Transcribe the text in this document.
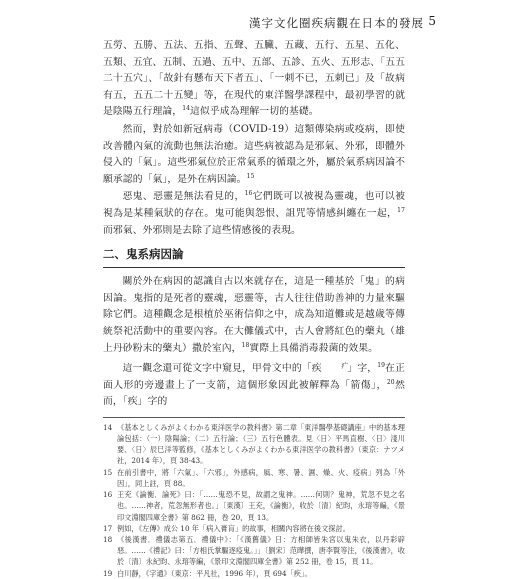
漢字文化圈疾病觀在日本的發展 5

五勞、五勝、五法、五指、五聲、五臟、五藏、五行、五星、五化、五類、五宜、五制、五過、五中、五部、五診、五火、五形志、「五五二十五穴」、「故針有懸布天下者五」、「一刺不已，五刺已」及「故病有五，五五二十五變」等，在現代的東洋醫學課程中，最初學習的就是陰陽五行理論，$^{14}$這似乎成為理解一切的基礎。

然而，對於如新冠病毒（COVID-19）這類傳染病或疫病，即使改善體內氣的流動也無法治癒。這些病被認為是邪氣、外邪，即體外侵入的「氣」。這些邪氣位於正常氣系的循環之外，屬於氣系病因論不願承認的「氣」，是外在病因論。$^{15}$

惡鬼、惡靈是無法看見的，$^{16}$它們既可以被視為靈魂，也可以被視為是某種氣狀的存在。鬼可能與怨恨、詛咒等情感糾纏在一起，$^{17}$而邪氣、外邪則是去除了這些情感後的表現。

二、鬼系病因論

關於外在病因的認識自古以來就存在，這是一種基於「鬼」的病因論。鬼指的是死者的靈魂，惡靈等，古人往往借助善神的力量來驅除它們。這種觀念是根植於巫術信仰之中，成為知道儺或是越歲等傳統祭祀活動中的重要內容。在大儺儀式中，古人會將紅色的藥丸（雄上丹砂粉末的藥丸）撒於室內，$^{18}$實際上具備消毒殺菌的效果。

這一觀念還可從文字中窺見，甲骨文中的「疾	疒」字，$^{19}$在正面人形的旁邊畫上了一支箭，這個形象因此被解釋為「箭傷」，$^{20}$然而，「疾」字的

14 《基本としくみがよくわかる東洋医学の教科書》第二章「東洋醫學基礎講座」中的基本理論包括：（一）陰陽論；（二）五行論；（三）五行色體表。見〈日〉平馬直樹、〈日〉淺川要、〈日〉辰巳洋等監修，《基本としくみがよくわかる東洋医学の教科書》（東京：ナツメ社，2014 年），頁 38-43。

15 在前引書中，將「六氣」、「六邪」，外感病，風、寒、暑、濕、燥、火、疫病」列為「外因」，同上註，頁 88。

16 王充《論衡．論死》曰：「……鬼恐不見，故謂之鬼神。……何則？鬼神，荒忽不見之名也。……神者，荒忽無形者也。」〔東漢〕王充，《論衡》，收於〔清〕紀昀，永瑢等編，《景印文淵閣四庫全書》第 862 冊，卷 20，頁 13。

17 例如，《左傳》成公 10 年「病入膏肓」的故事，相關內容將在後文探討。

18 《後漢書．禮儀志第五．禮儀中》：「《漢舊儀》日：方相師皆朱宮以鬼朱衣，以丹彩辟惡。……《禮記》曰：「方相氏掌驅逐疫鬼。」」〔劉宋〕范曄撰，唐李賢等注，《後漢書》，收於〔清〕永紀昀、永瑢等編，《景印文淵閣四庫全書》第 252 冊，卷 15，頁 11。

19 白川靜，《字通》（東京：平凡社，1996 年），頁 694「疾」。
